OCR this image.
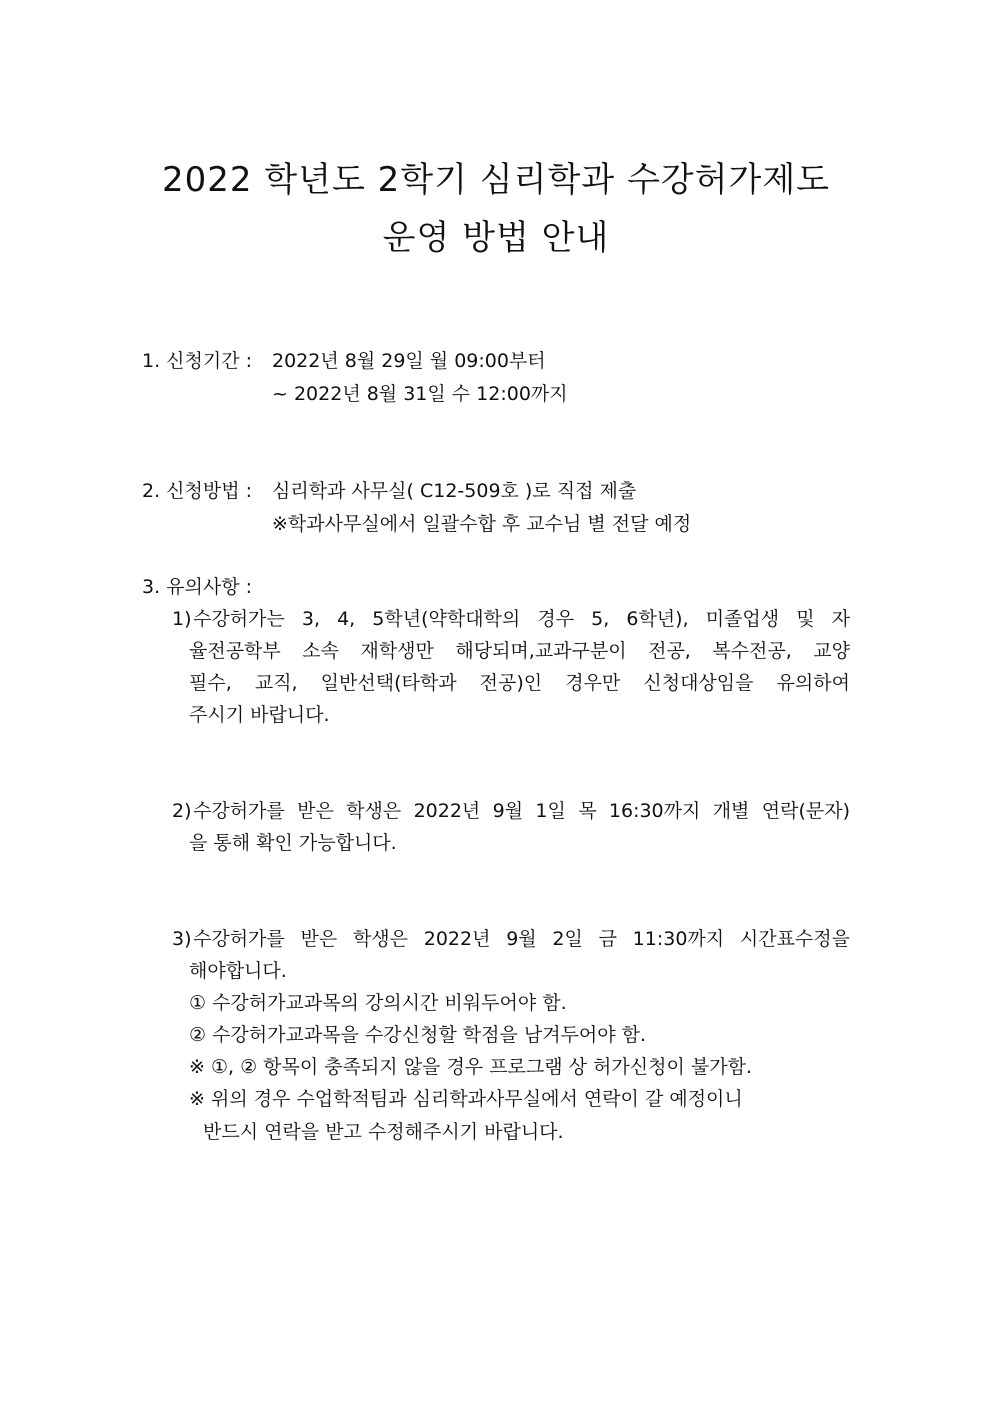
2022 학년도 2학기 심리학과 수강허가제도
운영 방법 안내

1. 신청기간 : 2022년 8월 29일 월 09:00부터

~ 2022년 8월 31일 수 12:00까지

2. 신청방법 : 심리학과 사무실( C12-509호 )로 직접 제출

※학과사무실에서 일괄수합 후 교수님 별 전달 예정

3. 유의사항 :

1) 수강허가는 3, 4, 5학년(약학대학의 경우 5, 6학년), 미졸업생 및 자

율전공학부 소속 재학생만 해당되며,교과구분이 전공, 복수전공, 교양

필수, 교직, 일반선택(타학과 전공)인 경우만 신청대상임을 유의하여

주시기 바랍니다.

2) 수강허가를 받은 학생은 2022년 9월 1일 목 16:30까지 개별 연락(문자)

을 통해 확인 가능합니다.

3) 수강허가를 받은 학생은 2022년 9월 2일 금 11:30까지 시간표수정을

해야합니다.

① 수강허가교과목의 강의시간 비워두어야 함.

② 수강허가교과목을 수강신청할 학점을 남겨두어야 함.

※ ①, ② 항목이 충족되지 않을 경우 프로그램 상 허가신청이 불가함.

※ 위의 경우 수업학적팀과 심리학과사무실에서 연락이 갈 예정이니

반드시 연락을 받고 수정해주시기 바랍니다.
